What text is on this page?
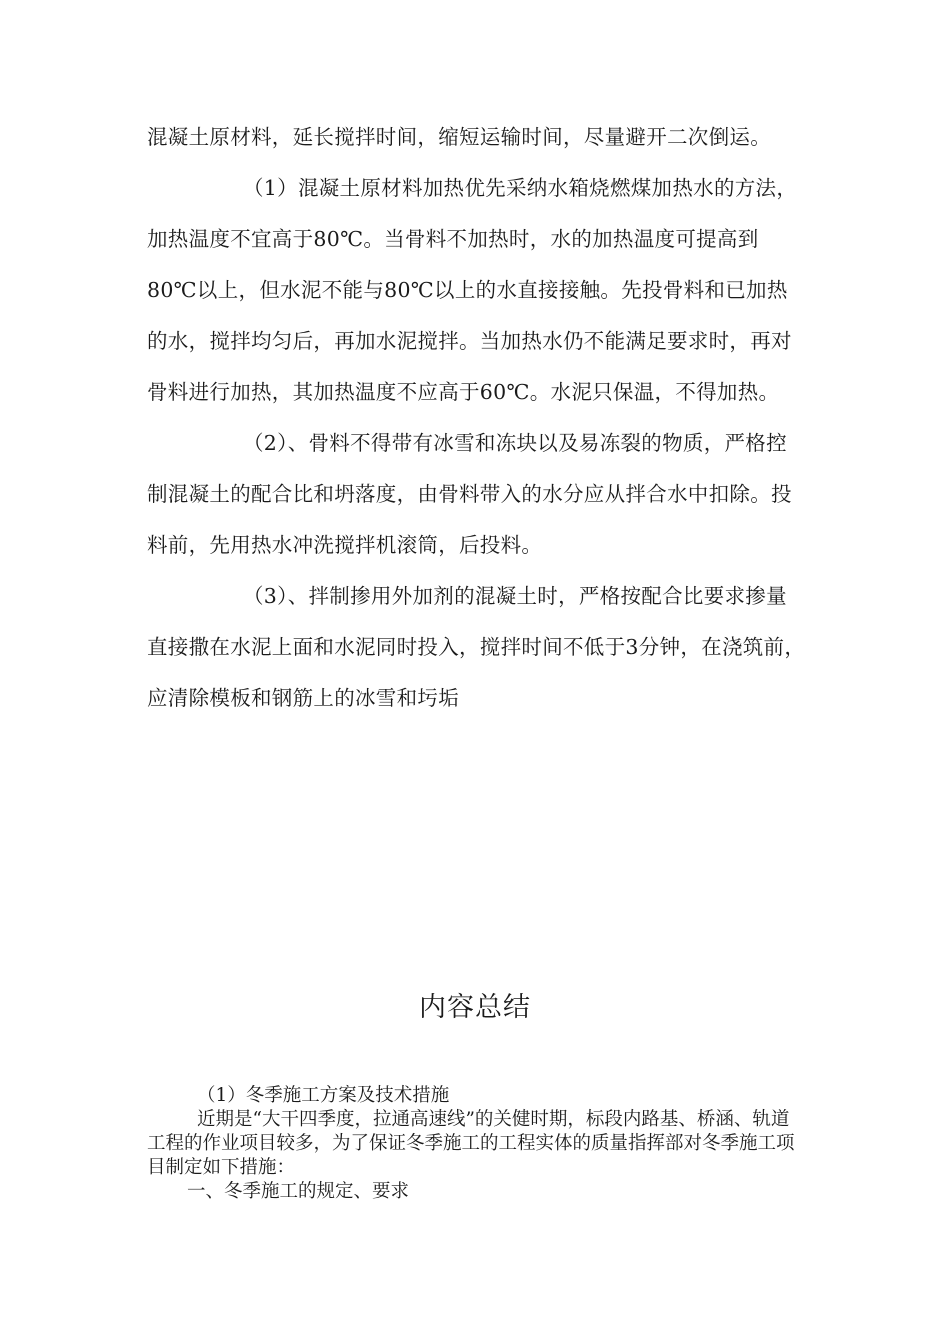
混凝土原材料，延长搅拌时间，缩短运输时间，尽量避开二次倒运。

（1）混凝土原材料加热优先采纳水箱烧燃煤加热水的方法，加热温度不宜高于80℃。当骨料不加热时，水的加热温度可提高到80℃以上，但水泥不能与80℃以上的水直接接触。先投骨料和已加热的水，搅拌均匀后，再加水泥搅拌。当加热水仍不能满足要求时，再对骨料进行加热，其加热温度不应高于60℃。水泥只保温，不得加热。

（2）、骨料不得带有冰雪和冻块以及易冻裂的物质，严格控制混凝土的配合比和坍落度，由骨料带入的水分应从拌合水中扣除。投料前，先用热水冲洗搅拌机滚筒，后投料。

（3）、拌制掺用外加剂的混凝土时，严格按配合比要求掺量直接撒在水泥上面和水泥同时投入，搅拌时间不低于3分钟，在浇筑前，应清除模板和钢筋上的冰雪和圬垢

内容总结

（1）冬季施工方案及技术措施

近期是“大干四季度，拉通高速线”的关健时期，标段内路基、桥涵、轨道工程的作业项目较多，为了保证冬季施工的工程实体的质量指挥部对冬季施工项目制定如下措施：

一、冬季施工的规定、要求
